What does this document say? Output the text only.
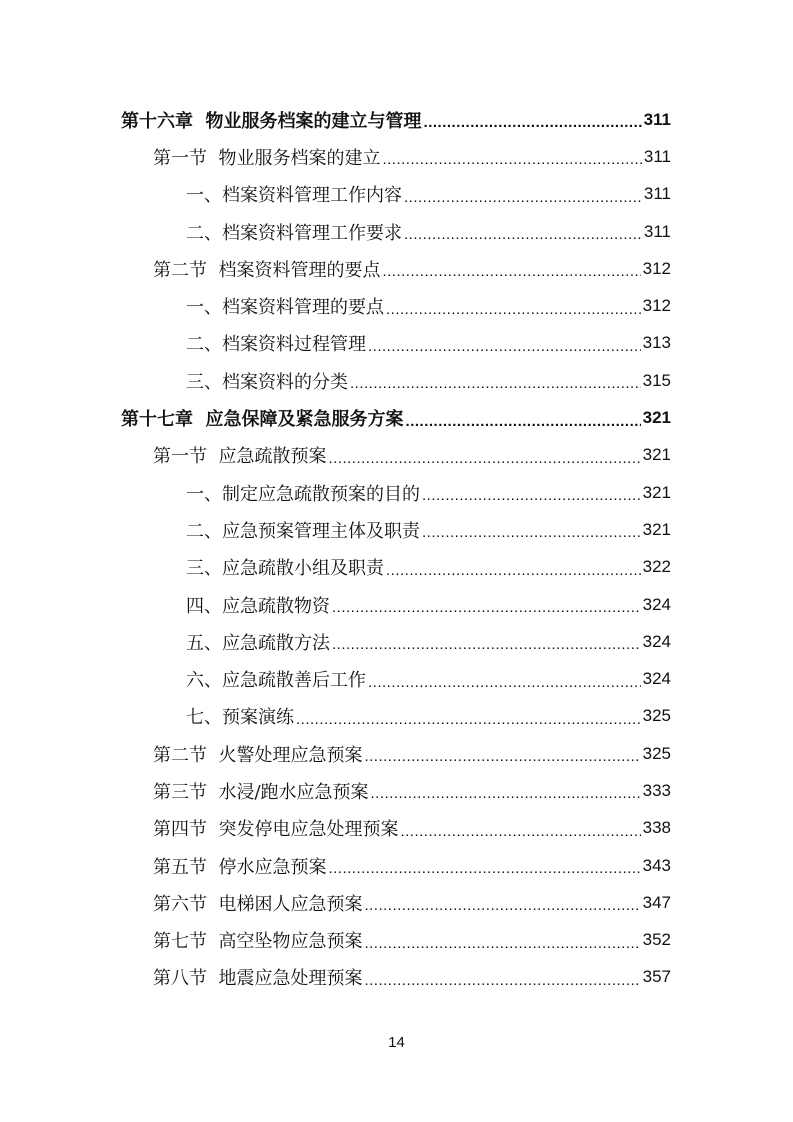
第十六章  物业服务档案的建立与管理 .....	311
第一节  物业服务档案的建立 .....	311
一、档案资料管理工作内容 .....	311
二、档案资料管理工作要求 .....	311
第二节  档案资料管理的要点 .....	312
一、档案资料管理的要点 .....	312
二、档案资料过程管理 .....	313
三、档案资料的分类 .....	315
第十七章  应急保障及紧急服务方案 .....	321
第一节  应急疏散预案 .....	321
一、制定应急疏散预案的目的 .....	321
二、应急预案管理主体及职责 .....	321
三、应急疏散小组及职责 .....	322
四、应急疏散物资 .....	324
五、应急疏散方法 .....	324
六、应急疏散善后工作 .....	324
七、预案演练 .....	325
第二节  火警处理应急预案 .....	325
第三节  水浸/跑水应急预案 .....	333
第四节  突发停电应急处理预案 .....	338
第五节  停水应急预案 .....	343
第六节  电梯困人应急预案 .....	347
第七节  高空坠物应急预案 .....	352
第八节  地震应急处理预案 .....	357
14
